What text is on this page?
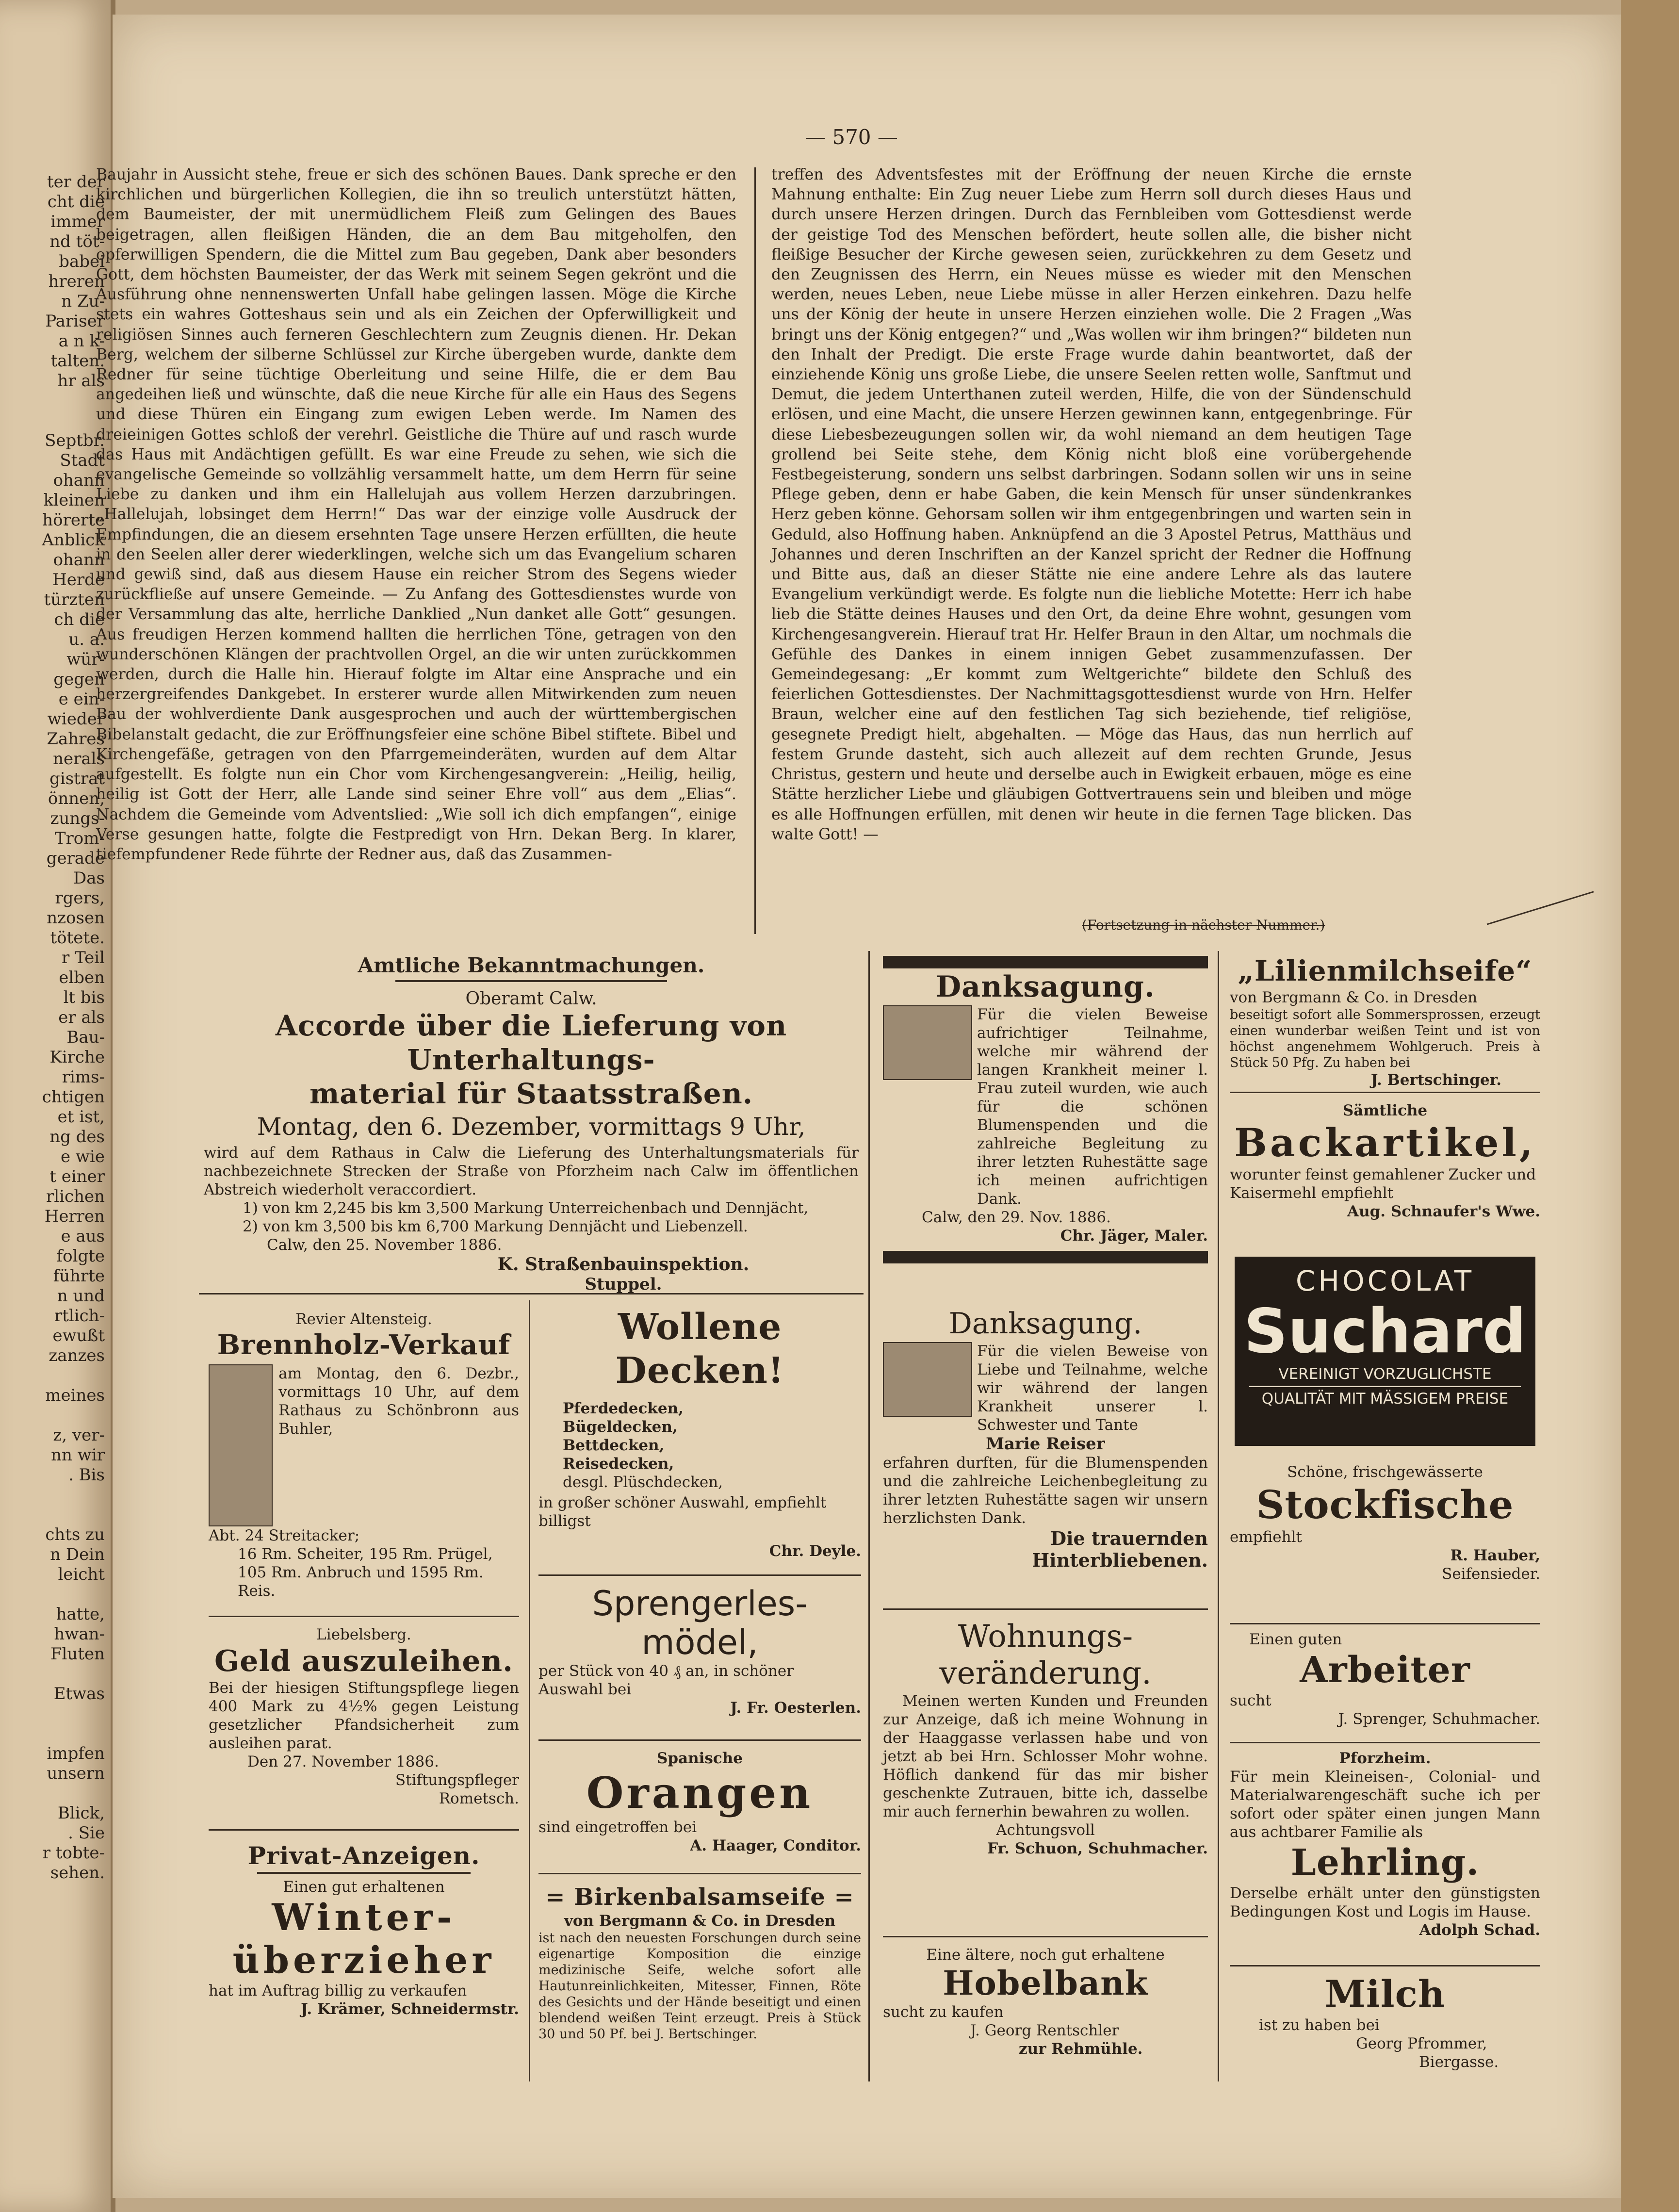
ter der
cht die
immer
nd töt-
babei
hreren
n Zu-
Pariser
a n k-
talten.
hr als

Septbr.
Stadt
ohann
kleinen
hörerte
Anblick
ohann
Herde
türzten
ch die
u. a.
wür-
gegen
e ein-
wieder
Zahres
nerals
gistrat
önnen,
zungs-
Trom-
gerade
Das
rgers,
nzosen
tötete.
r Teil
elben
lt bis
er als
Bau-
Kirche
rims-
chtigen
et ist,
ng des
e wie
t einer
rlichen
Herren
e aus
folgte
führte
n und
rtlich-
ewußt
zanzes

meines

z, ver-
nn wir
. Bis

chts zu
n Dein
leicht

hatte,
hwan-
Fluten

Etwas

impfen
unsern

Blick,
. Sie
r tobte-
sehen.
— 570 —

Baujahr in Aussicht stehe, freue er sich des schönen Baues. Dank spreche er den kirchlichen und bürgerlichen Kollegien, die ihn so treulich unterstützt hätten, dem Baumeister, der mit unermüdlichem Fleiß zum Gelingen des Baues beigetragen, allen fleißigen Händen, die an dem Bau mitgeholfen, den opferwilligen Spendern, die die Mittel zum Bau gegeben, Dank aber besonders Gott, dem höchsten Baumeister, der das Werk mit seinem Segen gekrönt und die Ausführung ohne nennenswerten Unfall habe gelingen lassen. Möge die Kirche stets ein wahres Gotteshaus sein und als ein Zeichen der Opferwilligkeit und religiösen Sinnes auch ferneren Geschlechtern zum Zeugnis dienen. Hr. Dekan Berg, welchem der silberne Schlüssel zur Kirche übergeben wurde, dankte dem Redner für seine tüchtige Oberleitung und seine Hilfe, die er dem Bau angedeihen ließ und wünschte, daß die neue Kirche für alle ein Haus des Segens und diese Thüren ein Eingang zum ewigen Leben werde. Im Namen des dreieinigen Gottes schloß der verehrl. Geistliche die Thüre auf und rasch wurde das Haus mit Andächtigen gefüllt. Es war eine Freude zu sehen, wie sich die evangelische Gemeinde so vollzählig versammelt hatte, um dem Herrn für seine Liebe zu danken und ihm ein Hallelujah aus vollem Herzen darzubringen. „Hallelujah, lobsinget dem Herrn!“ Das war der einzige volle Ausdruck der Empfindungen, die an diesem ersehnten Tage unsere Herzen erfüllten, die heute in den Seelen aller derer wiederklingen, welche sich um das Evangelium scharen und gewiß sind, daß aus diesem Hause ein reicher Strom des Segens wieder zurückfließe auf unsere Gemeinde. — Zu Anfang des Gottesdienstes wurde von der Versammlung das alte, herrliche Danklied „Nun danket alle Gott“ gesungen. Aus freudigen Herzen kommend hallten die herrlichen Töne, getragen von den wunderschönen Klängen der prachtvollen Orgel, an die wir unten zurückkommen werden, durch die Halle hin. Hierauf folgte im Altar eine Ansprache und ein herzergreifendes Dankgebet. In ersterer wurde allen Mitwirkenden zum neuen Bau der wohlverdiente Dank ausgesprochen und auch der württembergischen Bibelanstalt gedacht, die zur Eröffnungsfeier eine schöne Bibel stiftete. Bibel und Kirchengefäße, getragen von den Pfarrgemeinderäten, wurden auf dem Altar aufgestellt. Es folgte nun ein Chor vom Kirchengesangverein: „Heilig, heilig, heilig ist Gott der Herr, alle Lande sind seiner Ehre voll“ aus dem „Elias“. Nachdem die Gemeinde vom Adventslied: „Wie soll ich dich empfangen“, einige Verse gesungen hatte, folgte die Festpredigt von Hrn. Dekan Berg. In klarer, tiefempfundener Rede führte der Redner aus, daß das Zusammen-

treffen des Adventsfestes mit der Eröffnung der neuen Kirche die ernste Mahnung enthalte: Ein Zug neuer Liebe zum Herrn soll durch dieses Haus und durch unsere Herzen dringen. Durch das Fernbleiben vom Gottesdienst werde der geistige Tod des Menschen befördert, heute sollen alle, die bisher nicht fleißige Besucher der Kirche gewesen seien, zurückkehren zu dem Gesetz und den Zeugnissen des Herrn, ein Neues müsse es wieder mit den Menschen werden, neues Leben, neue Liebe müsse in aller Herzen einkehren. Dazu helfe uns der König der heute in unsere Herzen einziehen wolle. Die 2 Fragen „Was bringt uns der König entgegen?“ und „Was wollen wir ihm bringen?“ bildeten nun den Inhalt der Predigt. Die erste Frage wurde dahin beantwortet, daß der einziehende König uns große Liebe, die unsere Seelen retten wolle, Sanftmut und Demut, die jedem Unterthanen zuteil werden, Hilfe, die von der Sündenschuld erlösen, und eine Macht, die unsere Herzen gewinnen kann, entgegenbringe. Für diese Liebesbezeugungen sollen wir, da wohl niemand an dem heutigen Tage grollend bei Seite stehe, dem König nicht bloß eine vorübergehende Festbegeisterung, sondern uns selbst darbringen. Sodann sollen wir uns in seine Pflege geben, denn er habe Gaben, die kein Mensch für unser sündenkrankes Herz geben könne. Gehorsam sollen wir ihm entgegenbringen und warten sein in Geduld, also Hoffnung haben. Anknüpfend an die 3 Apostel Petrus, Matthäus und Johannes und deren Inschriften an der Kanzel spricht der Redner die Hoffnung und Bitte aus, daß an dieser Stätte nie eine andere Lehre als das lautere Evangelium verkündigt werde. Es folgte nun die liebliche Motette: Herr ich habe lieb die Stätte deines Hauses und den Ort, da deine Ehre wohnt, gesungen vom Kirchengesangverein. Hierauf trat Hr. Helfer Braun in den Altar, um nochmals die Gefühle des Dankes in einem innigen Gebet zusammenzufassen. Der Gemeindegesang: „Er kommt zum Weltgerichte“ bildete den Schluß des feierlichen Gottesdienstes. Der Nachmittagsgottesdienst wurde von Hrn. Helfer Braun, welcher eine auf den festlichen Tag sich beziehende, tief religiöse, gesegnete Predigt hielt, abgehalten. — Möge das Haus, das nun herrlich auf festem Grunde dasteht, sich auch allezeit auf dem rechten Grunde, Jesus Christus, gestern und heute und derselbe auch in Ewigkeit erbauen, möge es eine Stätte herzlicher Liebe und gläubigen Gottvertrauens sein und bleiben und möge es alle Hoffnungen erfüllen, mit denen wir heute in die fernen Tage blicken. Das walte Gott! —

(Fortsetzung in nächster Nummer.)
Amtliche Bekanntmachungen.
Oberamt Calw.
Accorde über die Lieferung von Unterhaltungs-
material für Staatsstraßen.
Montag, den 6. Dezember, vormittags 9 Uhr,
wird auf dem Rathaus in Calw die Lieferung des Unterhaltungsmaterials für nachbezeichnete Strecken der Straße von Pforzheim nach Calw im öffentlichen Abstreich wiederholt veraccordiert.
1) von km 2,245 bis km 3,500 Markung Unterreichenbach und Dennjächt,
2) von km 3,500 bis km 6,700 Markung Dennjächt und Liebenzell.
Calw, den 25. November 1886.
K. Straßenbauinspektion.
Stuppel.
Revier Altensteig.
Brennholz-Verkauf
am Montag, den 6. Dezbr., vormittags 10 Uhr, auf dem Rathaus zu Schönbronn aus Buhler,
Abt. 24 Streitacker;
16 Rm. Scheiter, 195 Rm. Prügel, 105 Rm. Anbruch und 1595 Rm. Reis.
Liebelsberg.
Geld auszuleihen.
Bei der hiesigen Stiftungspflege liegen 400 Mark zu 4½% gegen Leistung gesetzlicher Pfandsicherheit zum ausleihen parat.
Den 27. November 1886.
Stiftungspfleger
Rometsch.
Privat-Anzeigen.
Einen gut erhaltenen
Winter-
überzieher
hat im Auftrag billig zu verkaufen
J. Krämer, Schneidermstr.
Wollene Decken!
Pferdedecken,
Bügeldecken,
Bettdecken,
Reisedecken,
desgl. Plüschdecken,
in großer schöner Auswahl, empfiehlt billigst
Chr. Deyle.
Sprengerles-
mödel,
per Stück von 40 ₰ an, in schöner Auswahl bei
J. Fr. Oesterlen.
Spanische
Orangen
sind eingetroffen bei
A. Haager, Conditor.
= Birkenbalsamseife =
von Bergmann & Co. in Dresden
ist nach den neuesten Forschungen durch seine eigenartige Komposition die einzige medizinische Seife, welche sofort alle Hautunreinlichkeiten, Mitesser, Finnen, Röte des Gesichts und der Hände beseitigt und einen blendend weißen Teint erzeugt. Preis à Stück 30 und 50 Pf. bei J. Bertschinger.
Danksagung.
Für die vielen Beweise aufrichtiger Teilnahme, welche mir während der langen Krankheit meiner l. Frau zuteil wurden, wie auch für die schönen Blumenspenden und die zahlreiche Begleitung zu ihrer letzten Ruhestätte sage ich meinen aufrichtigen Dank.
Calw, den 29. Nov. 1886.
Chr. Jäger, Maler.
Danksagung.
Für die vielen Beweise von Liebe und Teilnahme, welche wir während der langen Krankheit unserer l. Schwester und Tante
Marie Reiser
erfahren durften, für die Blumenspenden und die zahlreiche Leichenbegleitung zu ihrer letzten Ruhestätte sagen wir unsern herzlichsten Dank.
Die trauernden Hinterbliebenen.
Wohnungs-
veränderung.
Meinen werten Kunden und Freunden zur Anzeige, daß ich meine Wohnung in der Haaggasse verlassen habe und von jetzt ab bei Hrn. Schlosser Mohr wohne. Höflich dankend für das mir bisher geschenkte Zutrauen, bitte ich, dasselbe mir auch fernerhin bewahren zu wollen.
Achtungsvoll
Fr. Schuon, Schuhmacher.
Eine ältere, noch gut erhaltene
Hobelbank
sucht zu kaufen
J. Georg Rentschler
zur Rehmühle.
„Lilienmilchseife“
von Bergmann & Co. in Dresden
beseitigt sofort alle Sommersprossen, erzeugt einen wunderbar weißen Teint und ist von höchst angenehmem Wohlgeruch. Preis à Stück 50 Pfg. Zu haben bei
J. Bertschinger.
Sämtliche
Backartikel,
worunter feinst gemahlener Zucker und Kaisermehl empfiehlt
Aug. Schnaufer's Wwe.
CHOCOLAT
Suchard
VEREINIGT VORZUGLICHSTE
QUALITÄT MIT MÄSSIGEM PREISE
Schöne, frischgewässerte
Stockfische
empfiehlt
R. Hauber,
Seifensieder.
Einen guten
Arbeiter
sucht
J. Sprenger, Schuhmacher.
Pforzheim.
Für mein Kleineisen-, Colonial- und Materialwarengeschäft suche ich per sofort oder später einen jungen Mann aus achtbarer Familie als
Lehrling.
Derselbe erhält unter den günstigsten Bedingungen Kost und Logis im Hause.
Adolph Schad.
Milch
ist zu haben bei
Georg Pfrommer,
Biergasse.
